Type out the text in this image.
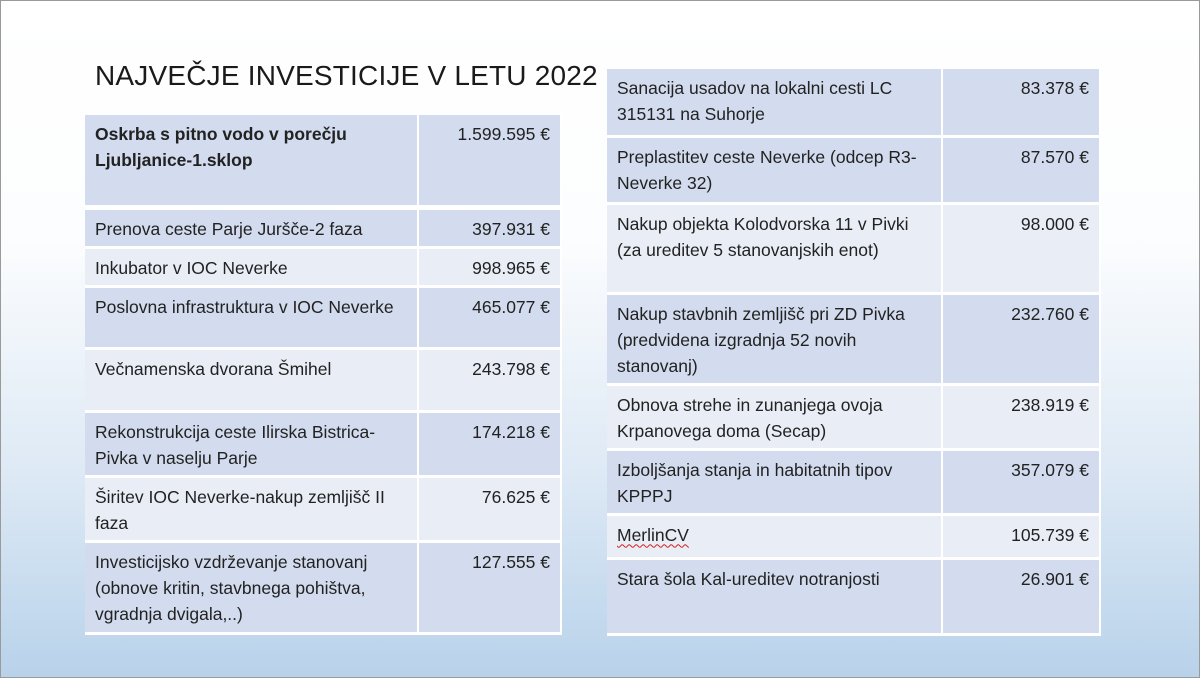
NAJVEČJE INVESTICIJE V LETU 2022
Oskrba s pitno vodo v porečju Ljubljanice-1.sklop	1.599.595 €
Prenova ceste Parje Juršče-2 faza	397.931 €
Inkubator v IOC Neverke	998.965 €
Poslovna infrastruktura v IOC Neverke	465.077 €
Večnamenska dvorana Šmihel	243.798 €
Rekonstrukcija ceste Ilirska Bistrica-Pivka v naselju Parje	174.218 €
Širitev IOC Neverke-nakup zemljišč II faza	76.625 €
Investicijsko vzdrževanje stanovanj (obnove kritin, stavbnega pohištva, vgradnja dvigala,..)	127.555 €
Sanacija usadov na lokalni cesti LC 315131 na Suhorje	83.378 €
Preplastitev ceste Neverke (odcep R3-Neverke 32)	87.570 €
Nakup objekta Kolodvorska 11 v Pivki (za ureditev 5 stanovanjskih enot)	98.000 €
Nakup stavbnih zemljišč pri ZD Pivka (predvidena izgradnja 52 novih stanovanj)	232.760 €
Obnova strehe in zunanjega ovoja Krpanovega doma (Secap)	238.919 €
Izboljšanja stanja in habitatnih tipov KPPPJ	357.079 €
MerlinCV	105.739 €
Stara šola Kal-ureditev notranjosti	26.901 €
